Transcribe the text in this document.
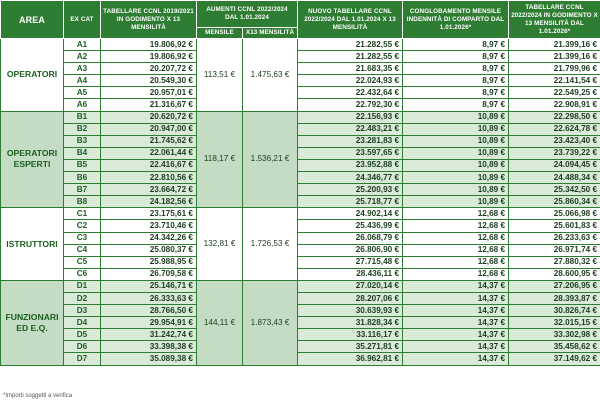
AREA	EX CAT	TABELLARE CCNL 2019/2021 IN GODIMENTO X 13 MENSILITÀ	AUMENTI CCNL 2022/2024 DAL 1.01.2024		NUOVO TABELLARE CCNL 2022/2024 DAL 1.01.2024 X 13 MENSILITÀ	CONGLOBAMENTO MENSILE INDENNITÀ DI COMPARTO DAL 1.01.2026*	TABELLARE CCNL 2022/2024 IN GODIMENTO X 13 MENSILITÀ DAL 1.01.2026*
			MENSILE	X13 MENSILITÀ			
OPERATORI	A1	19.806,92 €	113,51 €	1.475,63 €	21.282,55 €	8,97 €	21.399,16 €
	A2	19.806,92 €			21.282,55 €	8,97 €	21.399,16 €
	A3	20.207,72 €			21.683,35 €	8,97 €	21.799,96 €
	A4	20.549,30 €			22.024,93 €	8,97 €	22.141,54 €
	A5	20.957,01 €			22.432,64 €	8,97 €	22.549,25 €
	A6	21.316,67 €			22.792,30 €	8,97 €	22.908,91 €
OPERATORI ESPERTI	B1	20.620,72 €	118,17 €	1.536,21 €	22.156,93 €	10,89 €	22.298,50 €
	B2	20.947,00 €			22.483,21 €	10,89 €	22.624,78 €
	B3	21.745,62 €			23.281,83 €	10,89 €	23.423,40 €
	B4	22.061,44 €			23.597,65 €	10,89 €	23.739,22 €
	B5	22.416,67 €			23.952,88 €	10,89 €	24.094,45 €
	B6	22.810,56 €			24.346,77 €	10,89 €	24.488,34 €
	B7	23.664,72 €			25.200,93 €	10,89 €	25.342,50 €
	B8	24.182,56 €			25.718,77 €	10,89 €	25.860,34 €
ISTRUTTORI	C1	23.175,61 €	132,81 €	1.726,53 €	24.902,14 €	12,68 €	25.066,98 €
	C2	23.710,46 €			25.436,99 €	12,68 €	25.601,83 €
	C3	24.342,26 €			26.068,79 €	12,68 €	26.233,63 €
	C4	25.080,37 €			26.806,90 €	12,68 €	26.971,74 €
	C5	25.988,95 €			27.715,48 €	12,68 €	27.880,32 €
	C6	26.709,58 €			28.436,11 €	12,68 €	28.600,95 €
FUNZIONARI ED E.Q.	D1	25.146,71 €	144,11 €	1.873,43 €	27.020,14 €	14,37 €	27.206,95 €
	D2	26.333,63 €			28.207,06 €	14,37 €	28.393,87 €
	D3	28.766,50 €			30.639,93 €	14,37 €	30.826,74 €
	D4	29.954,91 €			31.828,34 €	14,37 €	32.015,15 €
	D5	31.242,74 €			33.116,17 €	14,37 €	33.302,98 €
	D6	33.398,38 €			35.271,81 €	14,37 €	35.458,62 €
	D7	35.089,38 €			36.962,81 €	14,37 €	37.149,62 €
*Importi soggetti a verifica
